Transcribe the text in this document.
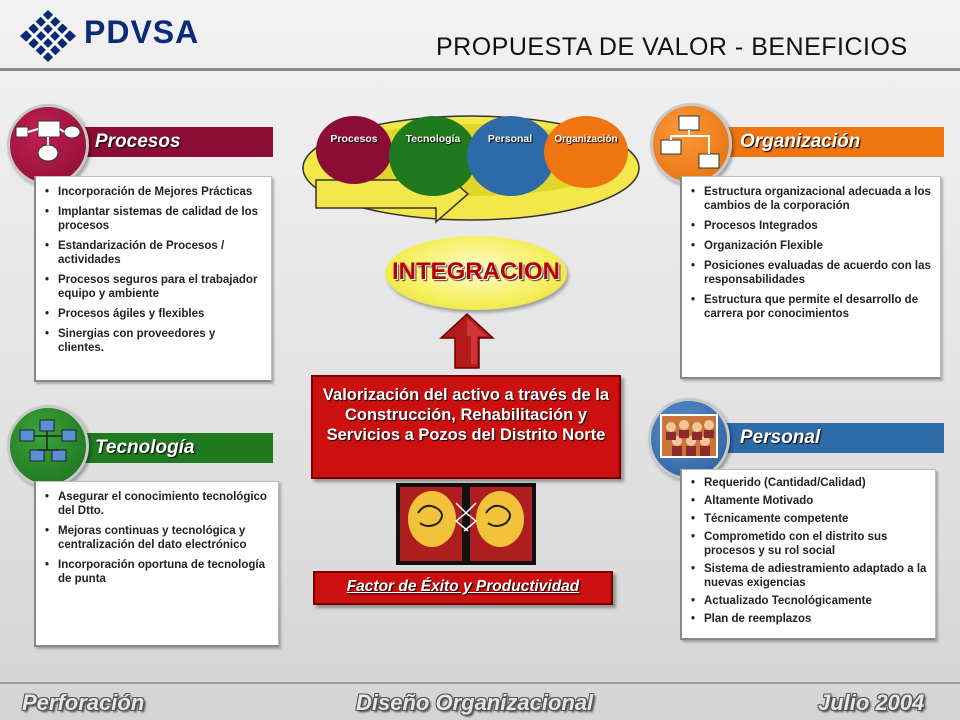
PDVSA	PROPUESTA DE VALOR - BENEFICIOS
Procesos
• Incorporación de Mejores Prácticas
• Implantar sistemas de calidad de los procesos
• Estandarización de Procesos / actividades
• Procesos seguros para el trabajador equipo y ambiente
• Procesos ágiles y flexibles
• Sinergias con proveedores y clientes.
Tecnología
• Asegurar el conocimiento tecnológico del Dtto.
• Mejoras continuas y tecnológica y centralización del dato electrónico
• Incorporación oportuna de tecnología de punta
Organización
• Estructura organizacional adecuada a los cambios de la corporación
• Procesos Integrados
• Organización Flexible
• Posiciones evaluadas de acuerdo con las responsabilidades
• Estructura que permite el desarrollo de carrera por conocimientos
Personal
• Requerido (Cantidad/Calidad)
• Altamente Motivado
• Técnicamente competente
• Comprometido con el distrito sus procesos y su rol social
• Sistema de adiestramiento adaptado a la nuevas exigencias
• Actualizado Tecnológicamente
• Plan de reemplazos
Procesos	Tecnología	Personal	Organización
INTEGRACION
Valorización del activo a través de la Construcción, Rehabilitación y Servicios a Pozos del Distrito Norte
Factor de Éxito y Productividad
Perforación	Diseño Organizacional	Julio 2004
